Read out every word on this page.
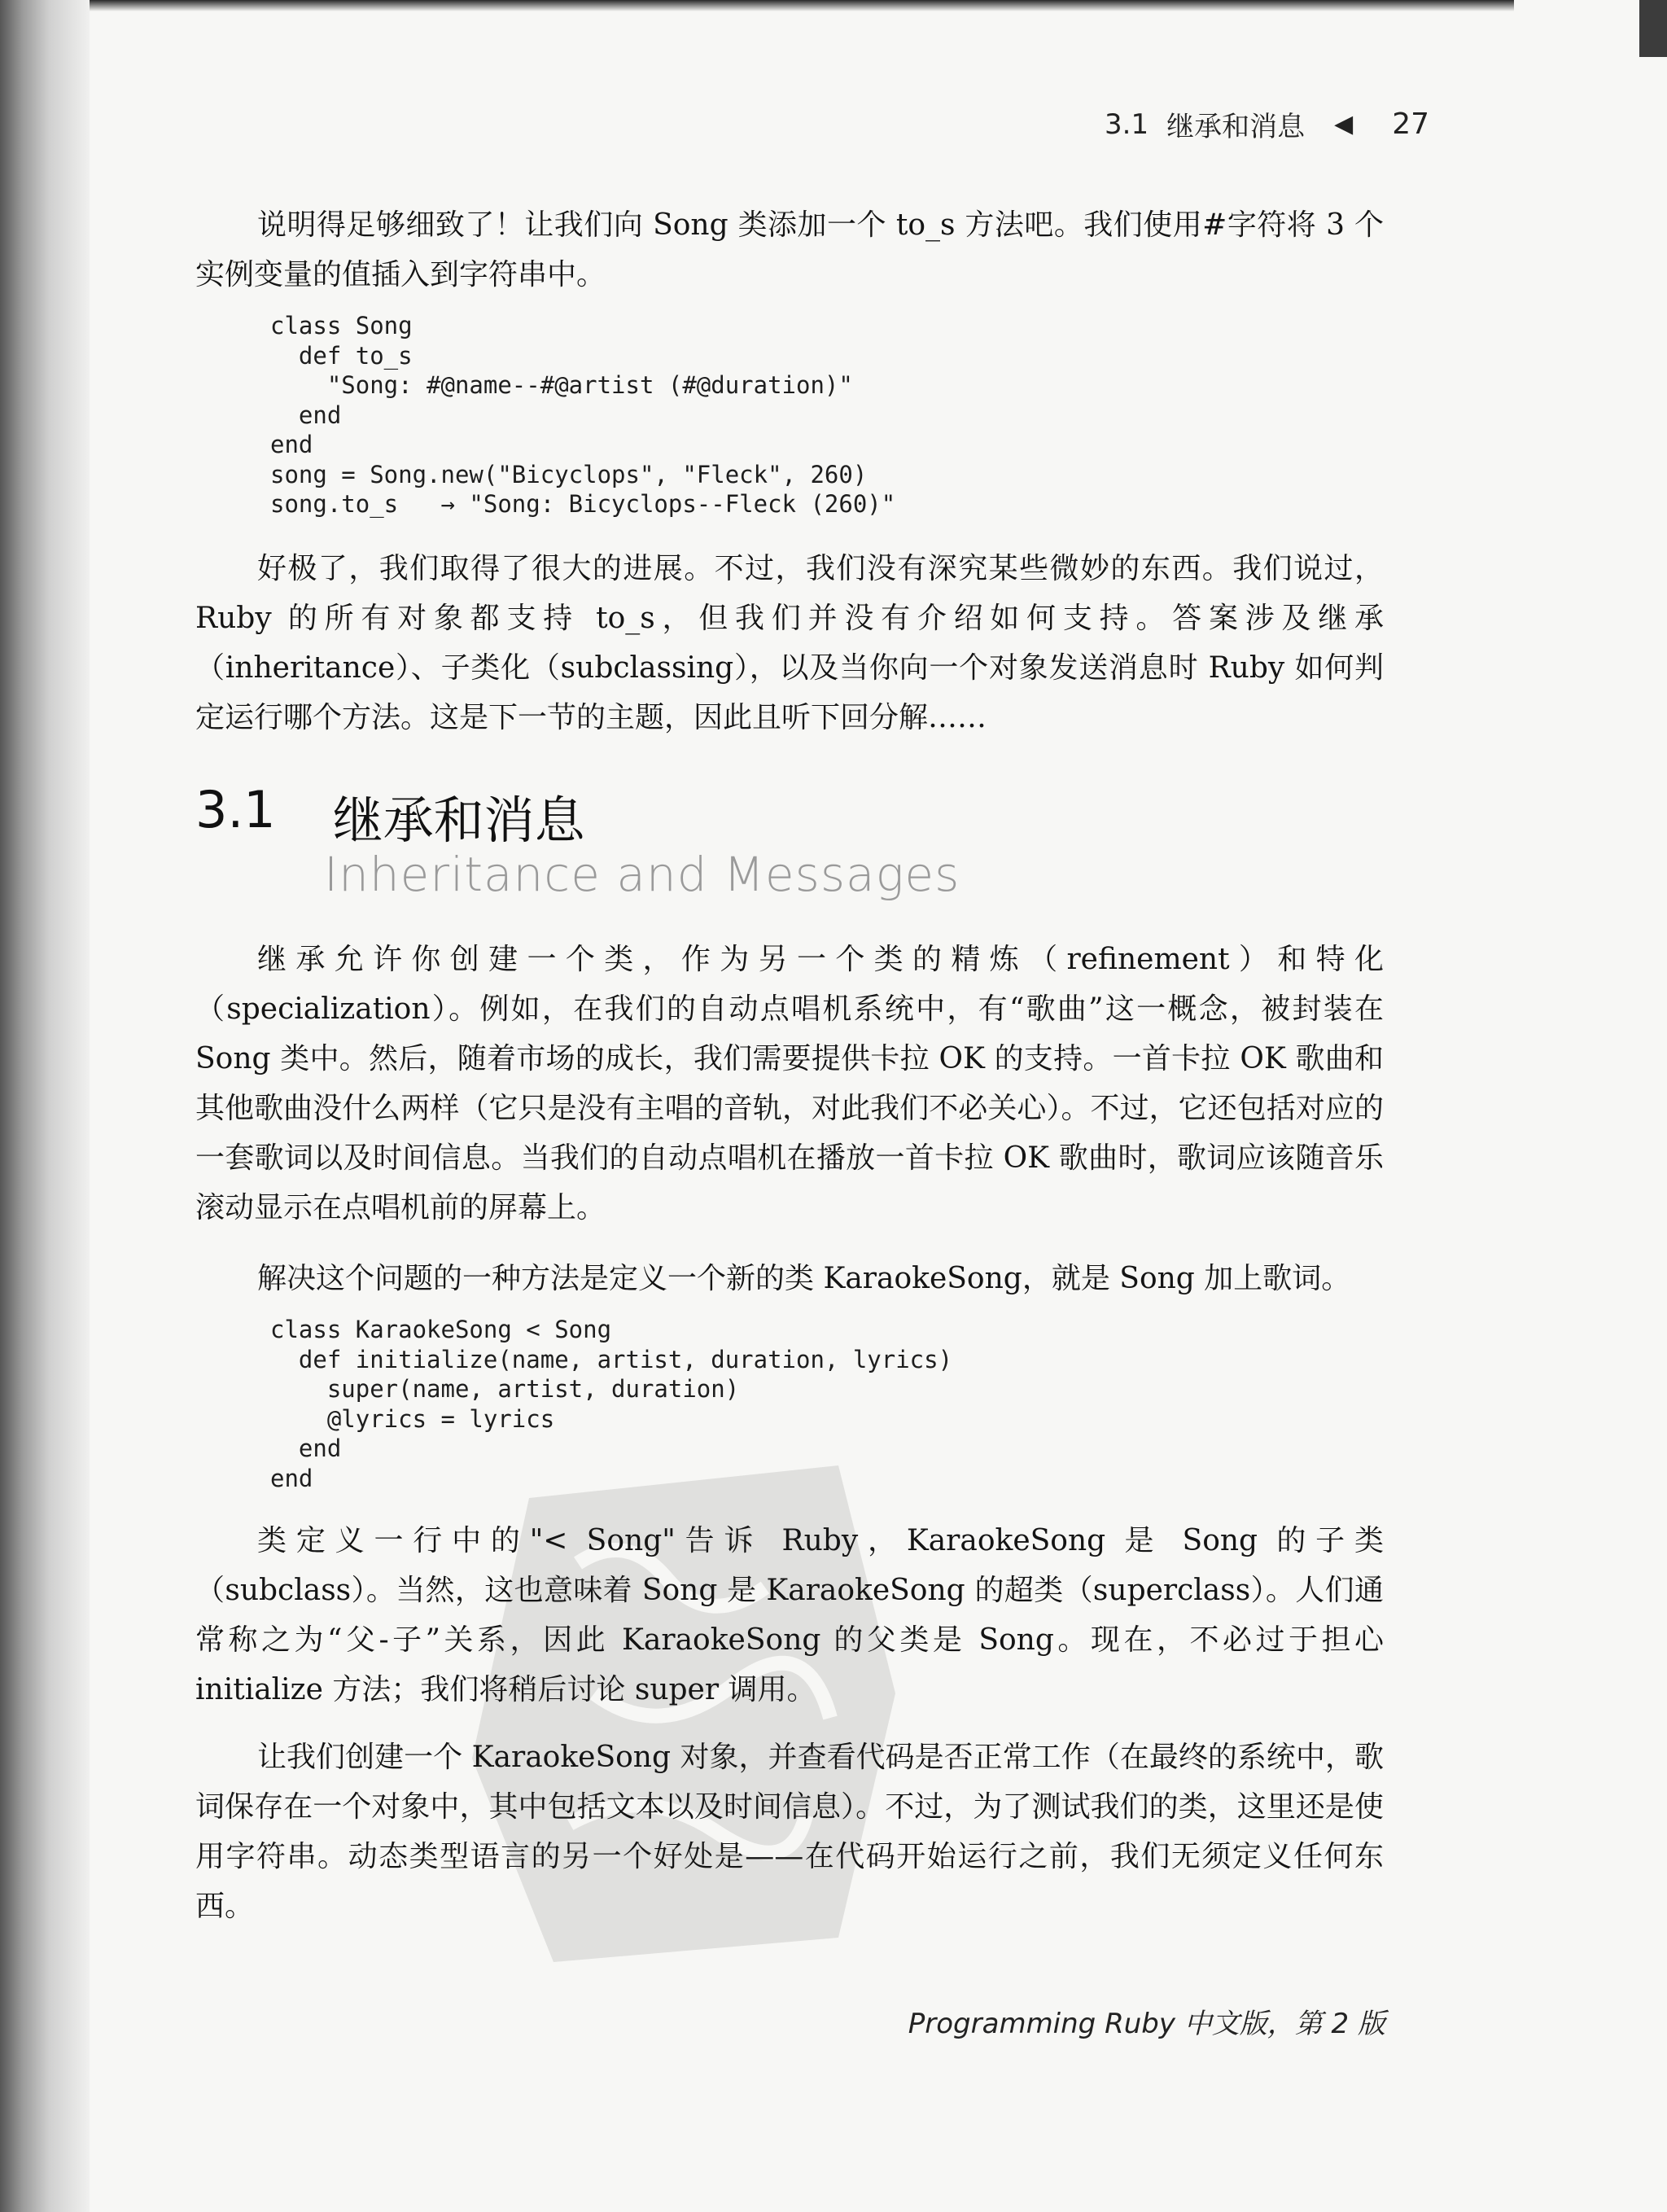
3.1 继承和消息 ◀ 27

说明得足够细致了！让我们向 Song 类添加一个 to_s 方法吧。我们使用#字符将 3 个实例变量的值插入到字符串中。

class Song
def to_s
"Song: #@name--#@artist (#@duration)"
end
end
song = Song.new("Bicyclops", "Fleck", 260)
song.to_s   → "Song: Bicyclops--Fleck (260)"

好极了，我们取得了很大的进展。不过，我们没有深究某些微妙的东西。我们说过，Ruby 的所有对象都支持 to_s，但我们并没有介绍如何支持。答案涉及继承（inheritance）、子类化（subclassing），以及当你向一个对象发送消息时 Ruby 如何判定运行哪个方法。这是下一节的主题，因此且听下回分解……

3.1 继承和消息
Inheritance and Messages

继承允许你创建一个类，作为另一个类的精炼（refinement）和特化（specialization）。例如，在我们的自动点唱机系统中，有“歌曲”这一概念，被封装在 Song 类中。然后，随着市场的成长，我们需要提供卡拉 OK 的支持。一首卡拉 OK 歌曲和其他歌曲没什么两样（它只是没有主唱的音轨，对此我们不必关心）。不过，它还包括对应的一套歌词以及时间信息。当我们的自动点唱机在播放一首卡拉 OK 歌曲时，歌词应该随音乐滚动显示在点唱机前的屏幕上。

解决这个问题的一种方法是定义一个新的类 KaraokeSong，就是 Song 加上歌词。

class KaraokeSong < Song
def initialize(name, artist, duration, lyrics)
super(name, artist, duration)
@lyrics = lyrics
end
end

类定义一行中的"< Song"告诉 Ruby，KaraokeSong 是 Song 的子类（subclass）。当然，这也意味着 Song 是 KaraokeSong 的超类（superclass）。人们通常称之为“父-子”关系，因此 KaraokeSong 的父类是 Song。现在，不必过于担心 initialize 方法；我们将稍后讨论 super 调用。

让我们创建一个 KaraokeSong 对象，并查看代码是否正常工作（在最终的系统中，歌词保存在一个对象中，其中包括文本以及时间信息）。不过，为了测试我们的类，这里还是使用字符串。动态类型语言的另一个好处是——在代码开始运行之前，我们无须定义任何东西。

Programming Ruby 中文版，第 2 版
